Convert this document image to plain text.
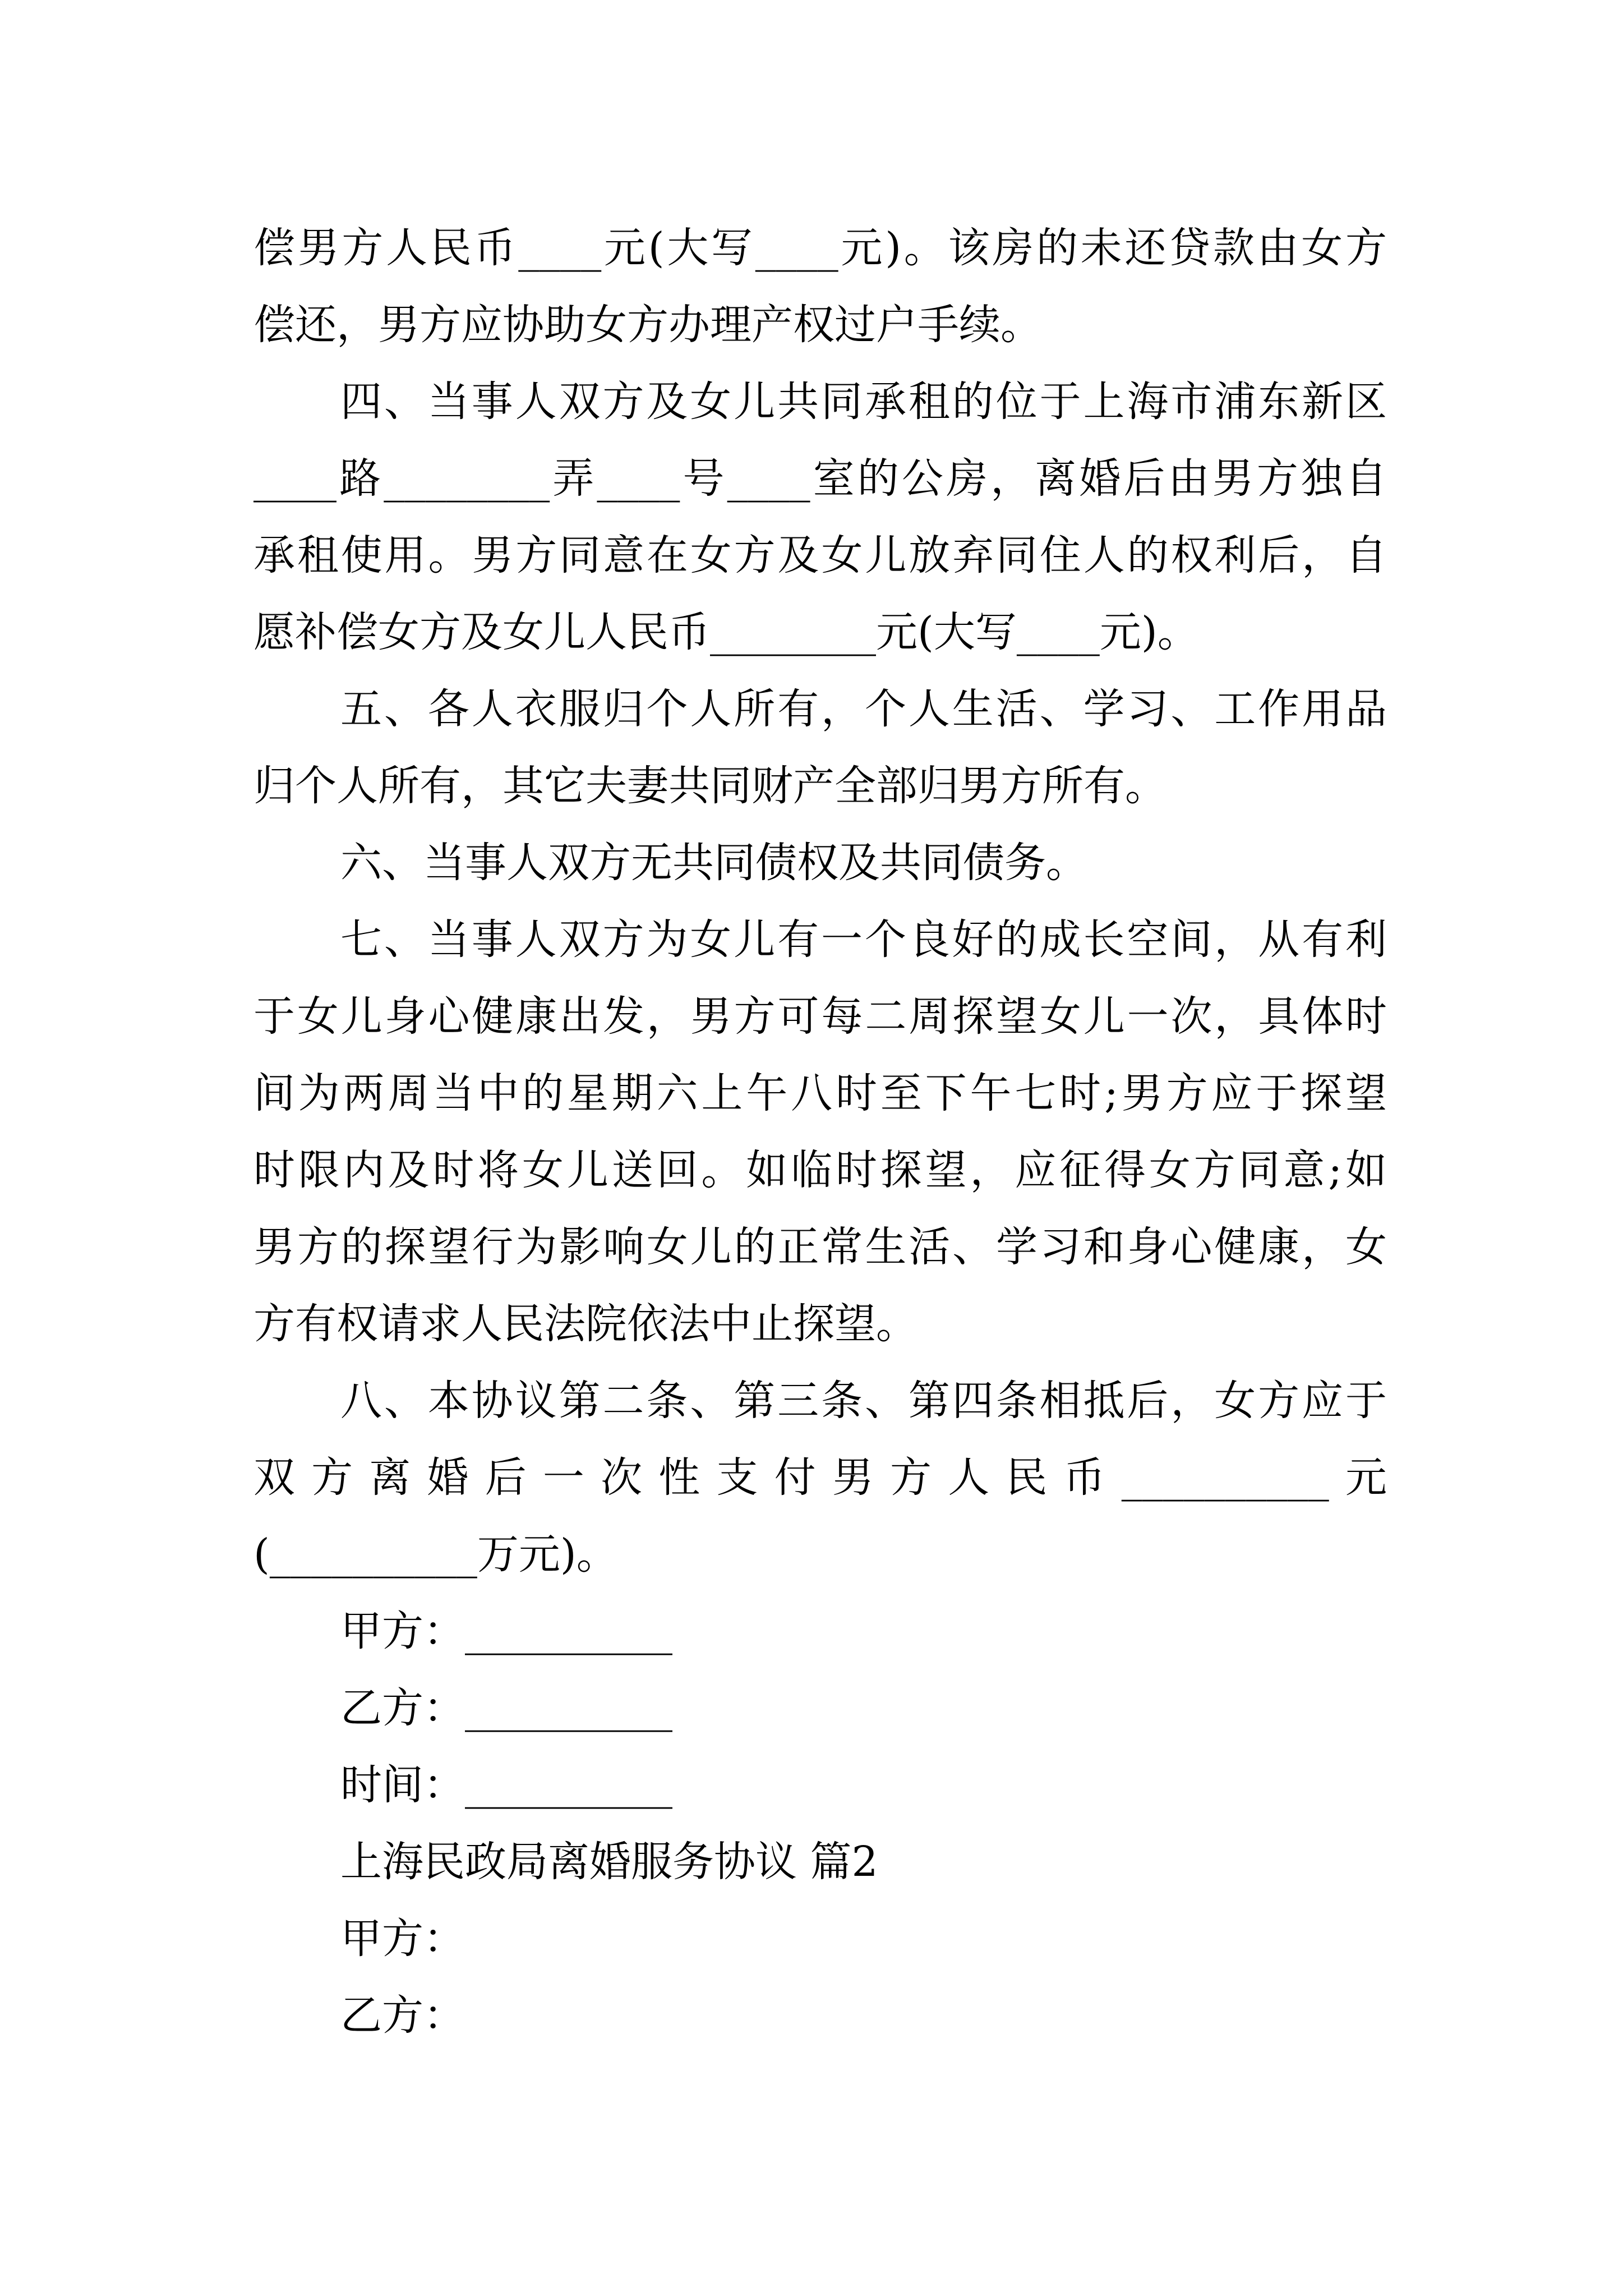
偿男方人民币____元(大写____元)。该房的未还贷款由女方
偿还，男方应协助女方办理产权过户手续。
四、当事人双方及女儿共同承租的位于上海市浦东新区
____路________弄____号____室的公房，离婚后由男方独自
承租使用。男方同意在女方及女儿放弃同住人的权利后，自
愿补偿女方及女儿人民币________元(大写____元)。
五、各人衣服归个人所有，个人生活、学习、工作用品
归个人所有，其它夫妻共同财产全部归男方所有。
六、当事人双方无共同债权及共同债务。
七、当事人双方为女儿有一个良好的成长空间，从有利
于女儿身心健康出发，男方可每二周探望女儿一次，具体时
间为两周当中的星期六上午八时至下午七时;男方应于探望
时限内及时将女儿送回。如临时探望，应征得女方同意;如
男方的探望行为影响女儿的正常生活、学习和身心健康，女
方有权请求人民法院依法中止探望。
八、本协议第二条、第三条、第四条相抵后，女方应于
双方离婚后一次性支付男方人民币__________元
(__________万元)。
甲方：__________
乙方：__________
时间：__________
上海民政局离婚服务协议 篇2
甲方：
乙方：
